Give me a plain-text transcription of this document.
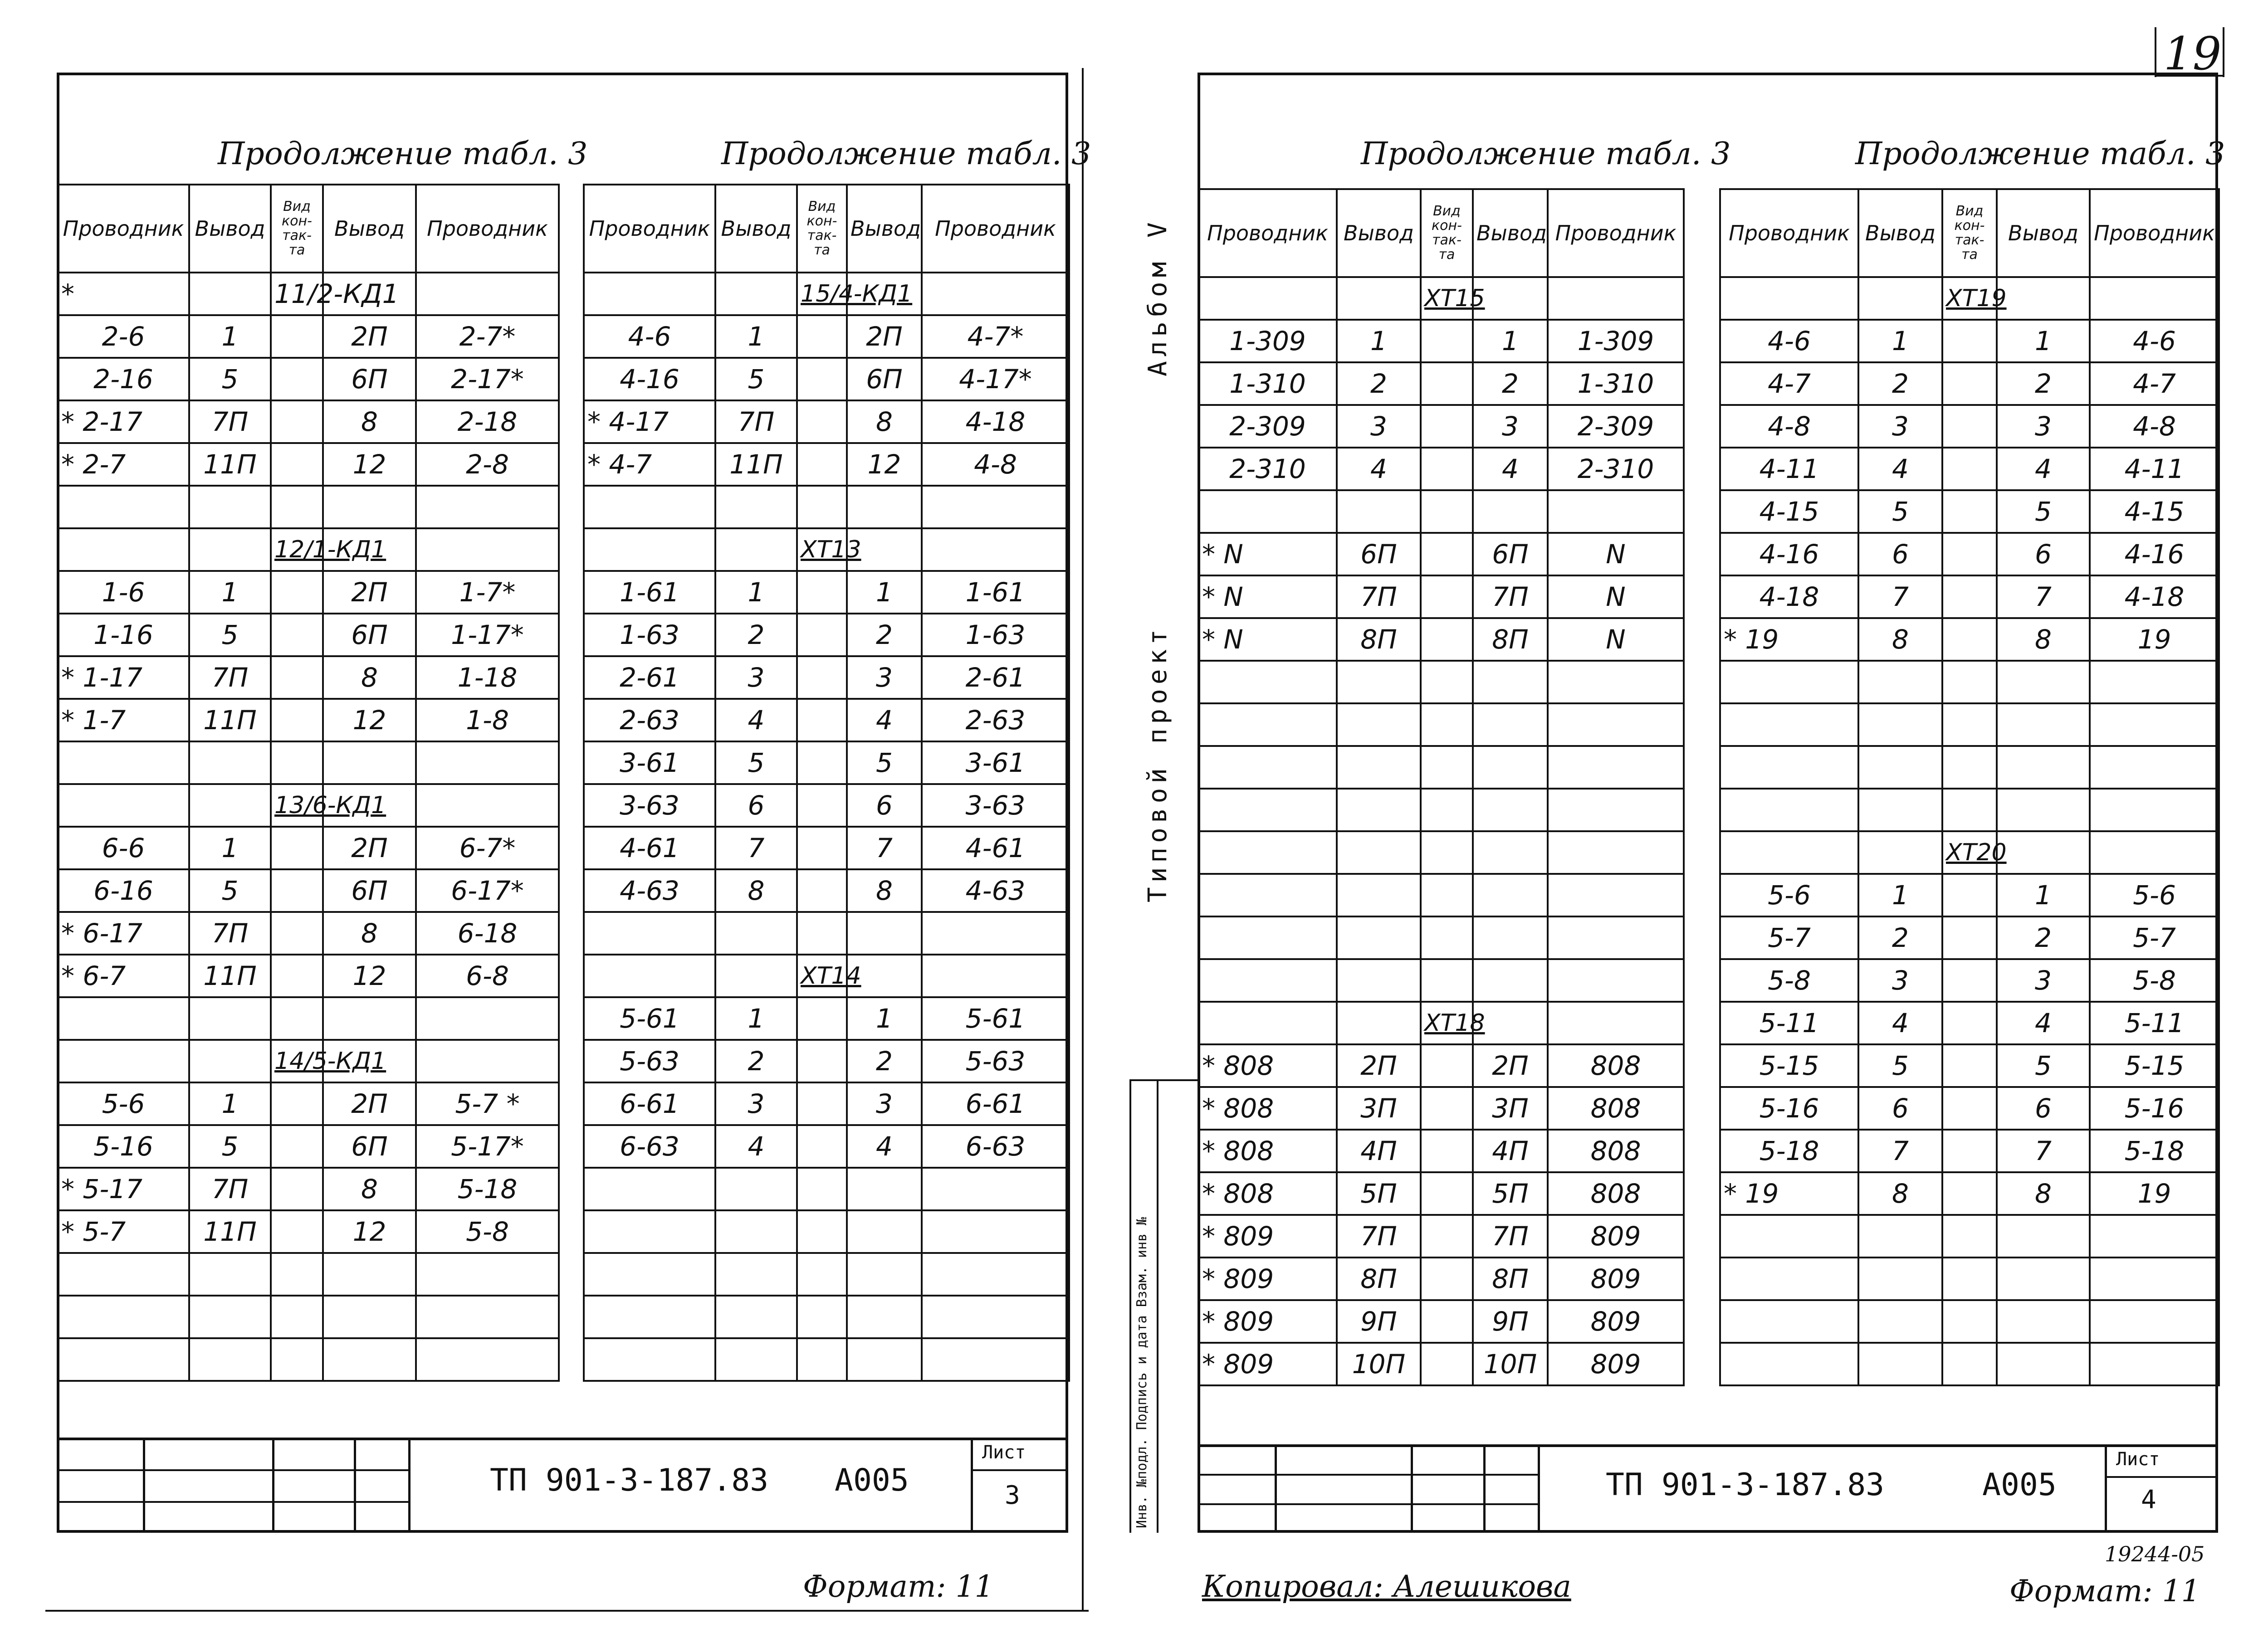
19
Продолжение табл. 3	Продолжение табл. 3
Проводник	Вывод	Вид кон- так- та	Вывод	Проводник
*		11/2-КД1		
2-6	1		2П	2-7*
2-16	5		6П	2-17*
* 2-17	7П		8	2-18
* 2-7	11П		12	2-8

		12/1-КД1		
1-6	1		2П	1-7*
1-16	5		6П	1-17*
* 1-17	7П		8	1-18
* 1-7	11П		12	1-8

		13/6-КД1		
6-6	1		2П	6-7*
6-16	5		6П	6-17*
* 6-17	7П		8	6-18
* 6-7	11П		12	6-8

		14/5-КД1		
5-6	1		2П	5-7 *
5-16	5		6П	5-17*
* 5-17	7П		8	5-18
* 5-7	11П		12	5-8

Проводник	Вывод	Вид кон- так- та	Вывод	Проводник
		15/4-КД1		
4-6	1		2П	4-7*
4-16	5		6П	4-17*
* 4-17	7П		8	4-18
* 4-7	11П		12	4-8

		ХТ13		
1-61	1		1	1-61
1-63	2		2	1-63
2-61	3		3	2-61
2-63	4		4	2-63
3-61	5		5	3-61
3-63	6		6	3-63
4-61	7		7	4-61
4-63	8		8	4-63

		ХТ14		
5-61	1		1	5-61
5-63	2		2	5-63
6-61	3		3	6-61
6-63	4		4	6-63

ТП 901-3-187.83 А005
Лист
3
Формат: 11
Альбом V
Типовой проект
Инв. №подл. Подпись и дата Взам. инв №
Продолжение табл. 3	Продолжение табл. 3
Проводник	Вывод	Вид кон- так- та	Вывод	Проводник
		ХТ15		
1-309	1		1	1-309
1-310	2		2	1-310
2-309	3		3	2-309
2-310	4		4	2-310

* N	6П		6П	N
* N	7П		7П	N
* N	8П		8П	N

		ХТ18		
* 808	2П		2П	808
* 808	3П		3П	808
* 808	4П		4П	808
* 808	5П		5П	808
* 809	7П		7П	809
* 809	8П		8П	809
* 809	9П		9П	809
* 809	10П		10П	809
Проводник	Вывод	Вид кон- так- та	Вывод	Проводник
		ХТ19		
4-6	1		1	4-6
4-7	2		2	4-7
4-8	3		3	4-8
4-11	4		4	4-11
4-15	5		5	4-15
4-16	6		6	4-16
4-18	7		7	4-18
* 19	8		8	19

		ХТ20		
5-6	1		1	5-6
5-7	2		2	5-7
5-8	3		3	5-8
5-11	4		4	5-11
5-15	5		5	5-15
5-16	6		6	5-16
5-18	7		7	5-18
* 19	8		8	19

ТП 901-3-187.83	А005
Лист
4
Копировал: Алешикова
19244-05
Формат: 11
